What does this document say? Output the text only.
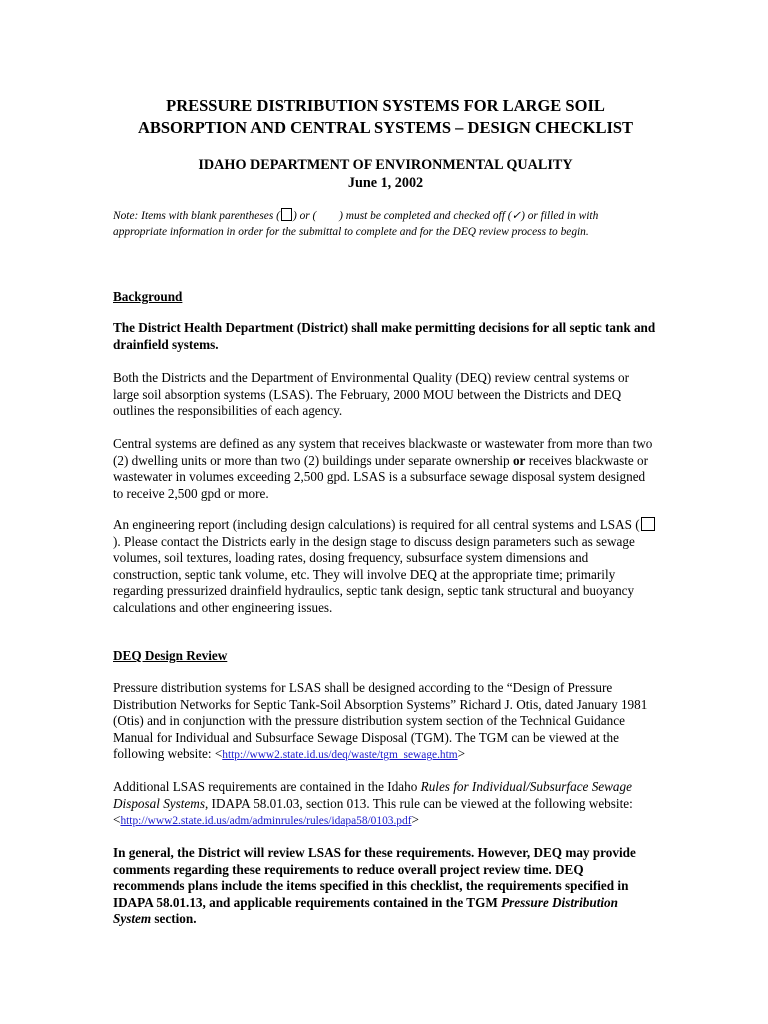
PRESSURE DISTRIBUTION SYSTEMS FOR LARGE SOIL
ABSORPTION AND CENTRAL SYSTEMS – DESIGN CHECKLIST
IDAHO DEPARTMENT OF ENVIRONMENTAL QUALITY
June 1, 2002
Note: Items with blank parentheses ( ) or ( ) must be completed and checked off (✓) or filled in with appropriate information in order for the submittal to complete and for the DEQ review process to begin.
Background
The District Health Department (District) shall make permitting decisions for all septic tank and drainfield systems.
Both the Districts and the Department of Environmental Quality (DEQ) review central systems or large soil absorption systems (LSAS). The February, 2000 MOU between the Districts and DEQ outlines the responsibilities of each agency.
Central systems are defined as any system that receives blackwaste or wastewater from more than two (2) dwelling units or more than two (2) buildings under separate ownership or receives blackwaste or wastewater in volumes exceeding 2,500 gpd. LSAS is a subsurface sewage disposal system designed to receive 2,500 gpd or more.
An engineering report (including design calculations) is required for all central systems and LSAS (). Please contact the Districts early in the design stage to discuss design parameters such as sewage volumes, soil textures, loading rates, dosing frequency, subsurface system dimensions and construction, septic tank volume, etc. They will involve DEQ at the appropriate time; primarily regarding pressurized drainfield hydraulics, septic tank design, septic tank structural and buoyancy calculations and other engineering issues.
DEQ Design Review
Pressure distribution systems for LSAS shall be designed according to the “Design of Pressure Distribution Networks for Septic Tank-Soil Absorption Systems” Richard J. Otis, dated January 1981 (Otis) and in conjunction with the pressure distribution system section of the Technical Guidance Manual for Individual and Subsurface Sewage Disposal (TGM). The TGM can be viewed at the following website: <http://www2.state.id.us/deq/waste/tgm_sewage.htm>
Additional LSAS requirements are contained in the Idaho Rules for Individual/Subsurface Sewage Disposal Systems, IDAPA 58.01.03, section 013. This rule can be viewed at the following website: <http://www2.state.id.us/adm/adminrules/rules/idapa58/0103.pdf>
In general, the District will review LSAS for these requirements. However, DEQ may provide comments regarding these requirements to reduce overall project review time. DEQ recommends plans include the items specified in this checklist, the requirements specified in IDAPA 58.01.13, and applicable requirements contained in the TGM Pressure Distribution System section.
